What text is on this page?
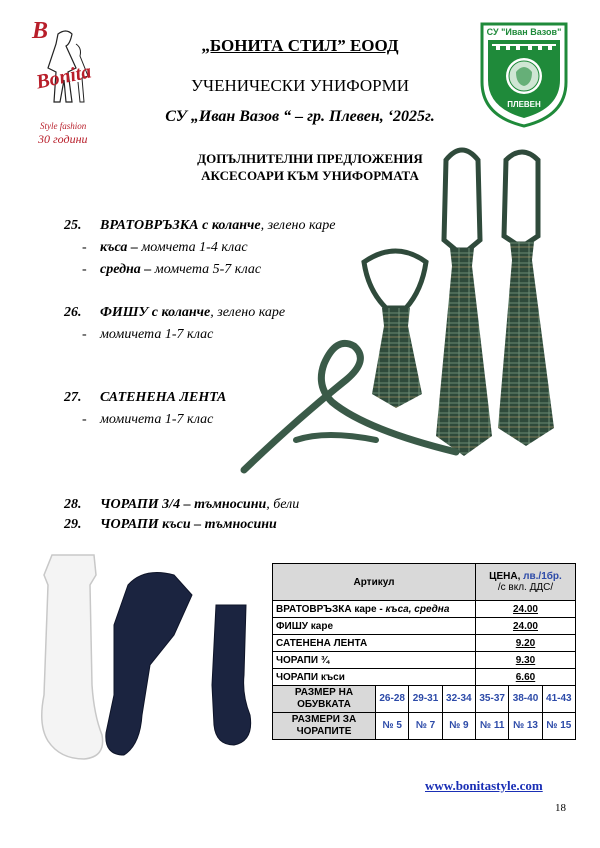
B
Bonita
Style fashion
30 години
СУ "Иван Вазов"
ПЛЕВЕН
„БОНИТА СТИЛ” ЕООД
УЧЕНИЧЕСКИ УНИФОРМИ
СУ „Иван Вазов “ – гр. Плевен, ‘2025г.
ДОПЪЛНИТЕЛНИ ПРЕДЛОЖЕНИЯ
АКСЕСОАРИ КЪМ УНИФОРМАТА
25. ВРАТОВРЪЗКА с коланче, зелено каре
- къса – момчета 1-4 клас
- средна – момчета 5-7 клас
26. ФИШУ с коланче, зелено каре
- момичета 1-7 клас
27. САТЕНЕНА ЛЕНТА
- момичета 1-7 клас
28. ЧОРАПИ 3/4 – тъмносини, бели
29. ЧОРАПИ къси – тъмносини
Артикул				ЦЕНА, лв./1бр.
/с вкл. ДДС/		
ВРАТОВРЪЗКА каре - къса, средна				24.00		
ФИШУ каре				24.00		
САТЕНЕНА ЛЕНТА				9.20		
ЧОРАПИ ¾				9.30		
ЧОРАПИ къси				6.60		
РАЗМЕР НА ОБУВКАТА	26-28	29-31	32-34	35-37	38-40	41-43
РАЗМЕРИ ЗА ЧОРАПИТЕ	№ 5	№ 7	№ 9	№ 11	№ 13	№ 15
www.bonitastyle.com
18
